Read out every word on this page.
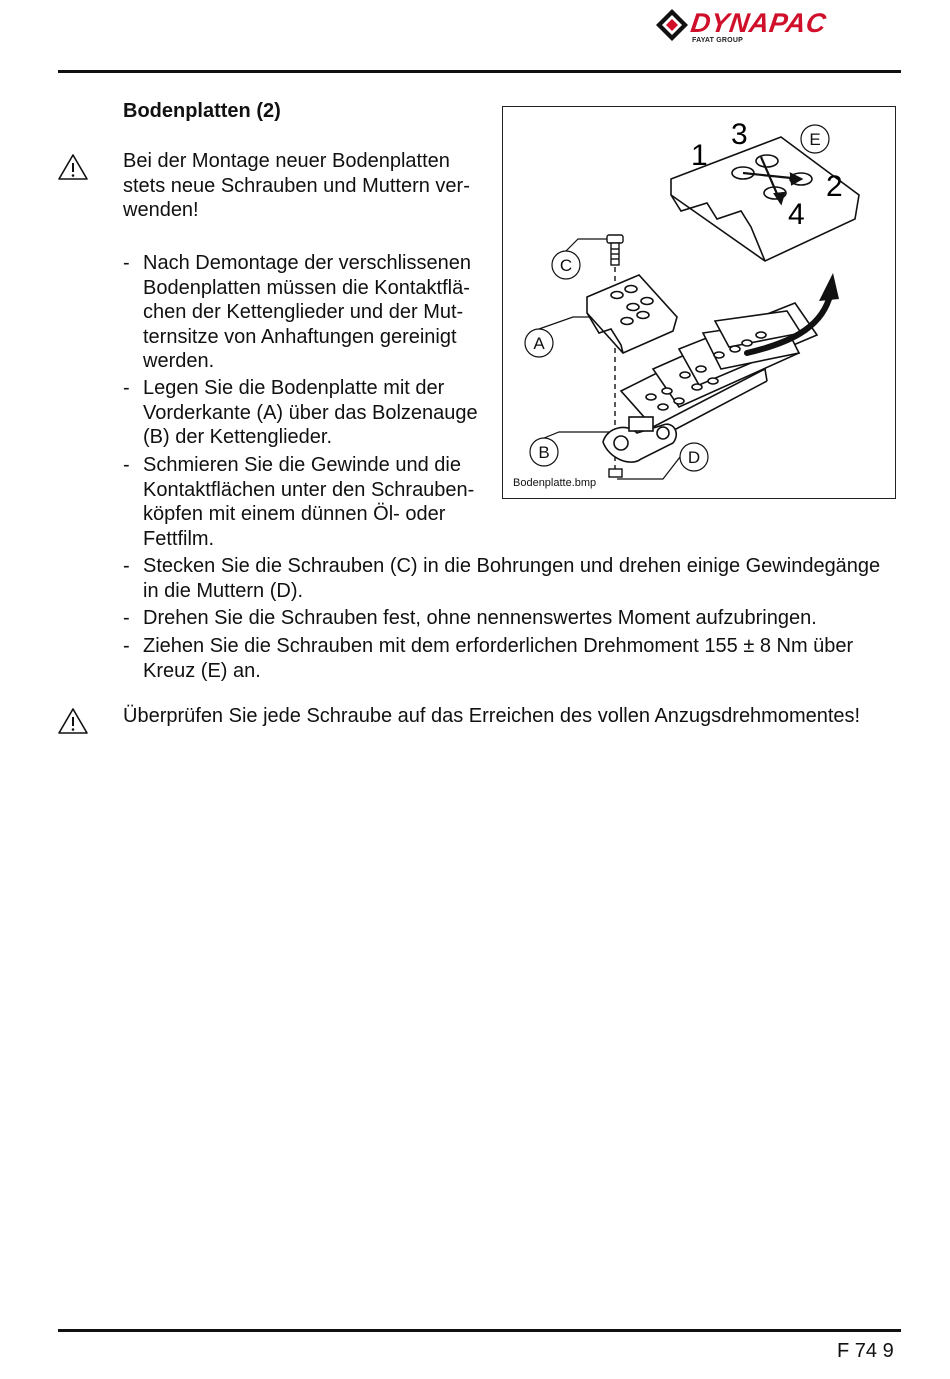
DYNAPAC
FAYAT GROUP
Bodenplatten (2)
Bei der Montage neuer Bodenplatten
stets neue Schrauben und Muttern ver-
wenden!
- Nach Demontage der verschlissenen
Bodenplatten müssen die Kontaktflä-
chen der Kettenglieder und der Mut-
ternsitze von Anhaftungen gereinigt
werden.
- Legen Sie die Bodenplatte mit der
Vorderkante (A) über das Bolzenauge
(B) der Kettenglieder.
- Schmieren Sie die Gewinde und die
Kontaktflächen unter den Schrauben-
köpfen mit einem dünnen Öl- oder
Fettfilm.
- Stecken Sie die Schrauben (C) in die Bohrungen und drehen einige Gewindegänge
in die Muttern (D).
- Drehen Sie die Schrauben fest, ohne nennenswertes Moment aufzubringen.
- Ziehen Sie die Schrauben mit dem erforderlichen Drehmoment 155 ± 8 Nm über
Kreuz (E) an.
Überprüfen Sie jede Schraube auf das Erreichen des vollen Anzugsdrehmomentes!
1
3
2
4
E
C
A
B	D
Bodenplatte.bmp
F 74 9
